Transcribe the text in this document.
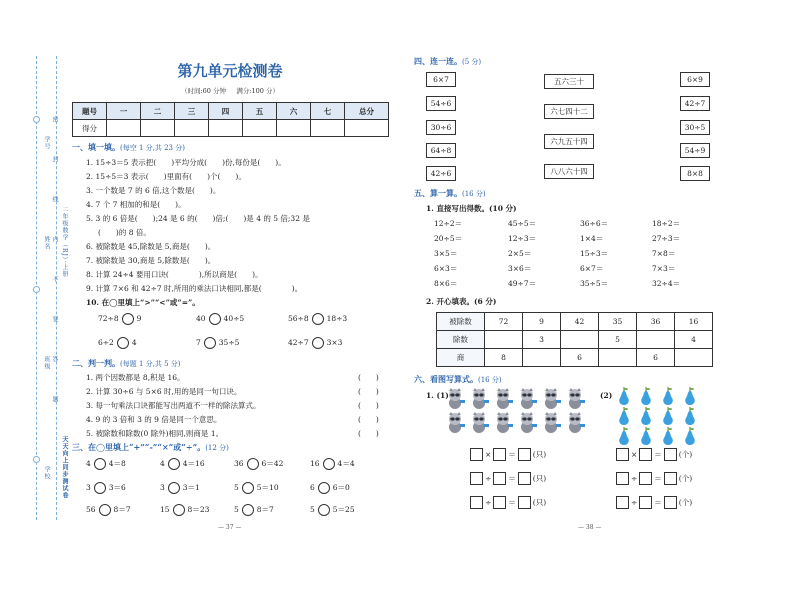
学号
姓名
班级
学校
密
封
线
内
不
要
答
题
二年级数学（RJ）·上册
天天向上同步测试卷
第九单元检测卷
（时间:60 分钟 满分:100 分）
题号	一	二	三	四	五	六	七	总分
得分								
一、填一填。(每空 1 分,共 23 分)
1. 15÷3＝5 表示把(　　)平均分成(　　)份,每份是(　　)。
2. 15÷5＝3 表示(　　)里面有(　　)个(　　)。
3. 一个数是 7 的 6 倍,这个数是(　　)。
4. 7 个 7 相加的和是(　　)。
5. 3 的 6 倍是(　　);24 是 6 的(　　)倍;(　　)是 4 的 5 倍;32 是
(　　)的 8 倍。
6. 被除数是 45,除数是 5,商是(　　)。
7. 被除数是 30,商是 5,除数是(　　)。
8. 计算 24÷4 要用口诀(　　　　),所以商是(　　)。
9. 计算 7×6 和 42÷7 时,所用的乘法口诀相同,都是(　　　　)。
10. 在◯里填上“>”“<”或“=”。
72÷8 9	40 40÷5	56÷8 18÷3
6÷2 4	7 35÷5	42÷7 3×3
二、判一判。(每题 1 分,共 5 分)
1. 两个因数都是 8,积是 16。
2. 计算 30÷6 与 5×6 时,用的是同一句口诀。
3. 每一句乘法口诀都能写出两道不一样的除法算式。
4. 9 的 3 倍和 3 的 9 倍是同一个意思。
5. 被除数和除数(0 除外)相同,则商是 1。
(　　)
(　　)
(　　)
(　　)
(　　)
三、在◯里填上“+”“-”“×”或“÷”。(12 分)
4 4＝8	4 4＝16	36 6＝42	16 4＝4
3 3＝6	3 3＝1	5 5＝10	6 6＝0
56 8＝7	15 8＝23	5 8＝7	5 5＝25
— 37 —
四、连一连。(5 分)
6×7
54÷6
30÷6
64÷8
42÷6
五六三十
六七四十二
六九五十四
八八六十四
6×9
42÷7
30÷5
54÷9
8×8
五、算一算。(16 分)
1. 直接写出得数。(10 分)
12÷2＝	45÷5＝	36÷6＝	18÷2＝
20÷5＝	12÷3＝	1×4＝	27÷3＝
3×5＝	2×5＝	15÷3＝	7×8＝
6×3＝	3×6＝	6×7＝	7×3＝
8×6＝	49÷7＝	35÷5＝	32÷4＝
2. 开心填表。(6 分)
被除数	72	9	42	35	36	16
除数		3		5		4
商	8		6		6	
六、看图写算式。(16 分)
1. (1)	(2)
× ＝ (只)
÷ ＝ (只)
÷ ＝ (只)
× ＝ (个)
÷ ＝ (个)
÷ ＝ (个)
— 38 —
